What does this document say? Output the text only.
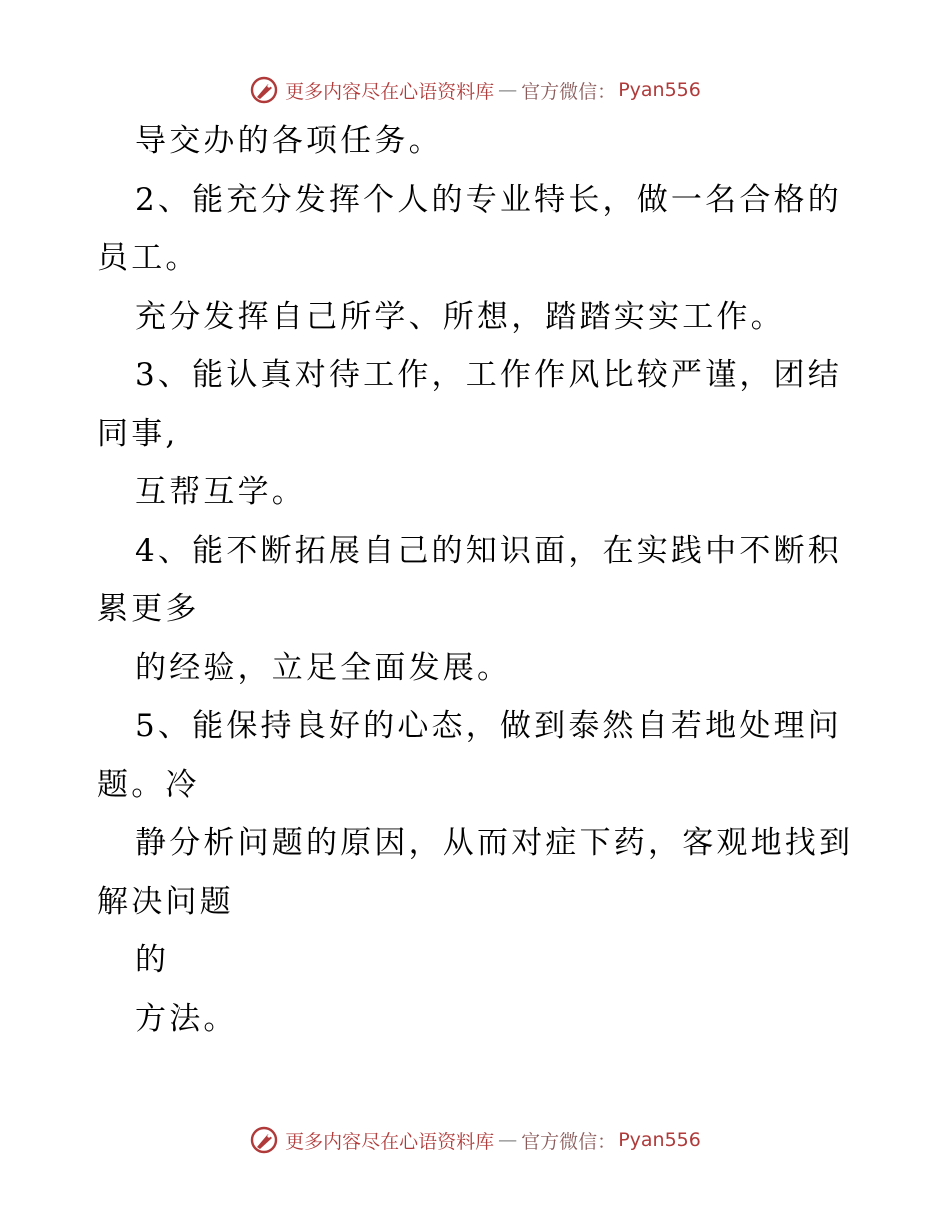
更多内容尽在心语资料库 — 官方微信： Pyan556
导交办的各项任务。
2、能充分发挥个人的专业特长，做一名合格的
员工。
充分发挥自己所学、所想，踏踏实实工作。
3、能认真对待工作，工作作风比较严谨，团结
同事,
互帮互学。
4、能不断拓展自己的知识面，在实践中不断积
累更多
的经验，立足全面发展。
5、能保持良好的心态，做到泰然自若地处理问
题。冷
静分析问题的原因，从而对症下药，客观地找到
解决问题
的
方法。
更多内容尽在心语资料库 — 官方微信： Pyan556
